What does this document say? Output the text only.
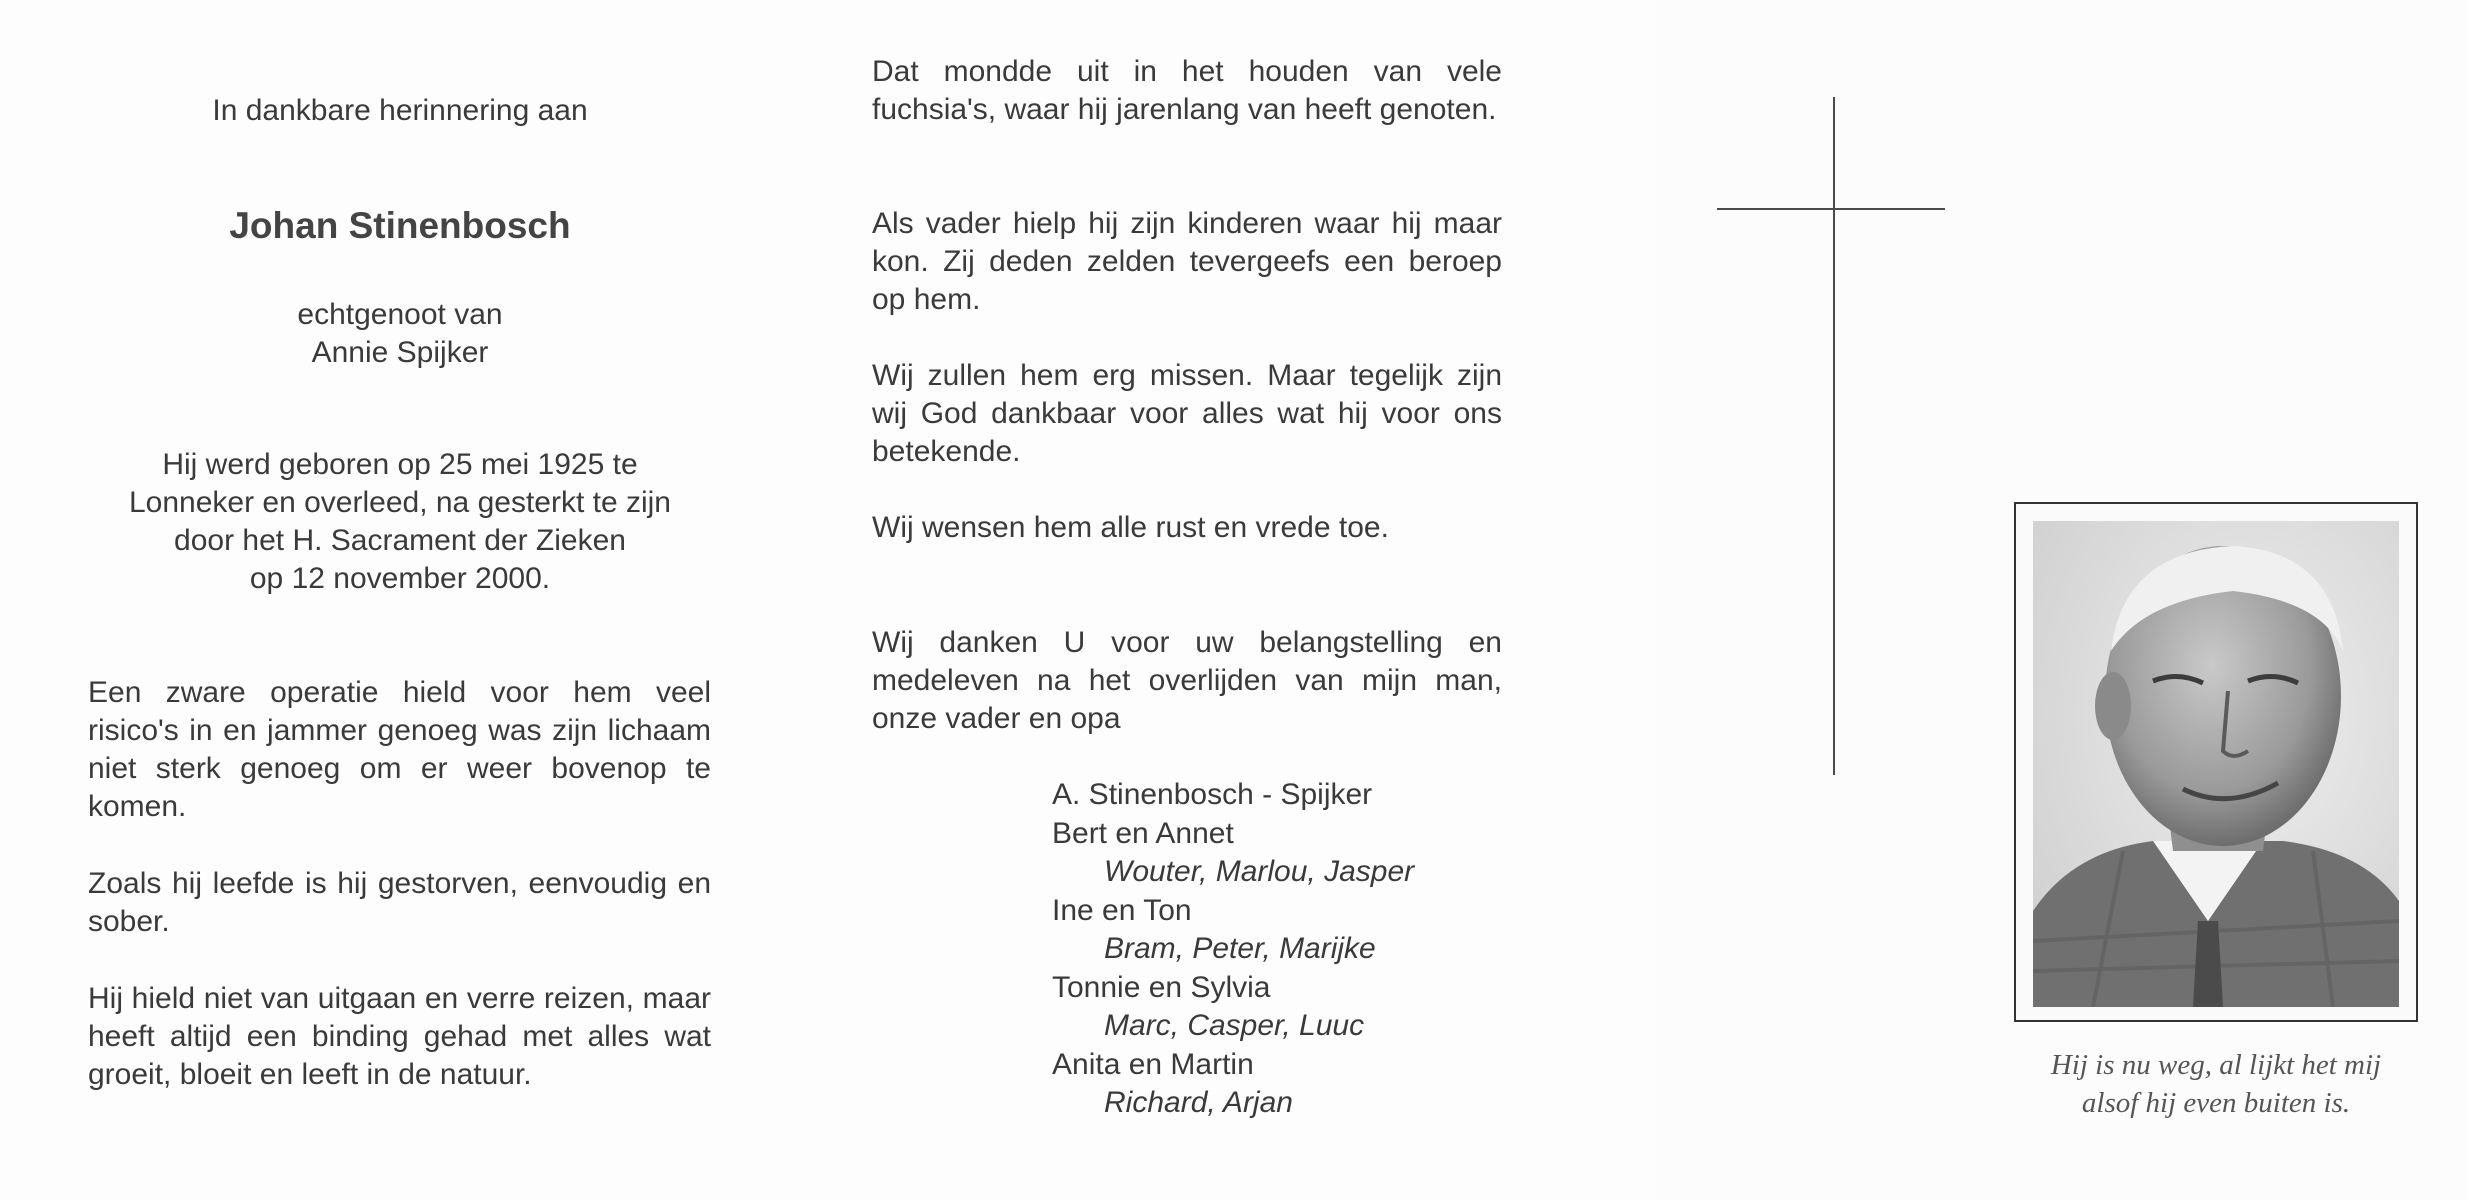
In dankbare herinnering aan
Johan Stinenbosch
echtgenoot van
Annie Spijker
Hij werd geboren op 25 mei 1925 te
Lonneker en overleed, na gesterkt te zijn
door het H. Sacrament der Zieken
op 12 november 2000.
Een zware operatie hield voor hem veel risico's in en jammer genoeg was zijn lichaam niet sterk genoeg om er weer bovenop te komen.
Zoals hij leefde is hij gestorven, eenvoudig en sober.
Hij hield niet van uitgaan en verre reizen, maar heeft altijd een binding gehad met alles wat groeit, bloeit en leeft in de natuur.
Dat mondde uit in het houden van vele fuchsia's, waar hij jarenlang van heeft genoten.
Als vader hielp hij zijn kinderen waar hij maar kon. Zij deden zelden tevergeefs een beroep op hem.
Wij zullen hem erg missen. Maar tegelijk zijn wij God dankbaar voor alles wat hij voor ons betekende.
Wij wensen hem alle rust en vrede toe.
Wij danken U voor uw belangstelling en medeleven na het overlijden van mijn man, onze vader en opa
A. Stinenbosch - Spijker
Bert en Annet
Wouter, Marlou, Jasper
Ine en Ton
Bram, Peter, Marijke
Tonnie en Sylvia
Marc, Casper, Luuc
Anita en Martin
Richard, Arjan
Hij is nu weg, al lijkt het mij
alsof hij even buiten is.
